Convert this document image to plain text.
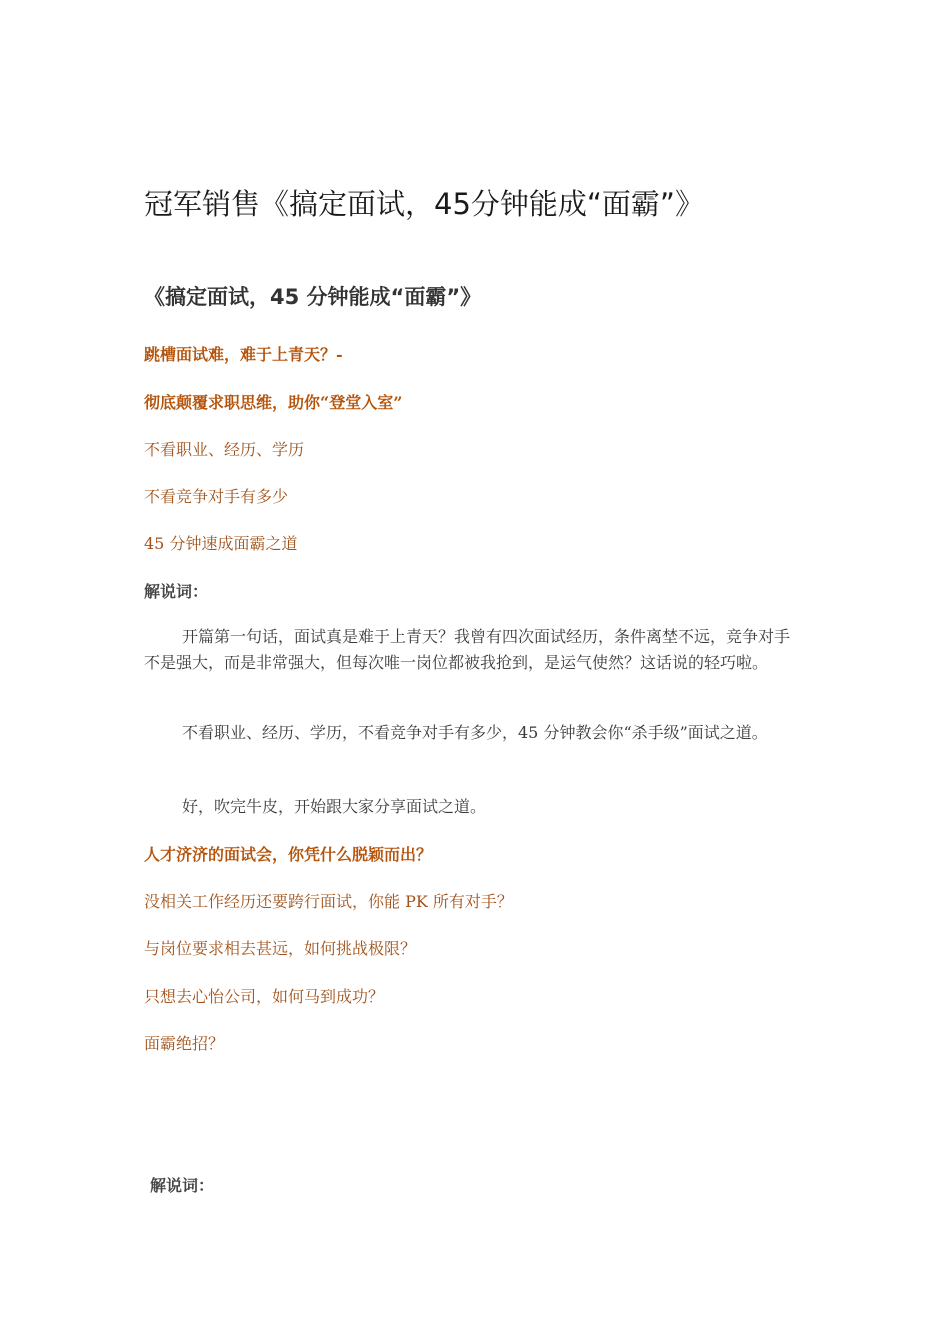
冠军销售《搞定面试，45分钟能成“面霸”》
《搞定面试，45 分钟能成“面霸”》

跳槽面试难，难于上青天？-

彻底颠覆求职思维，助你“登堂入室”

不看职业、经历、学历

不看竞争对手有多少

45 分钟速成面霸之道

解说词：

开篇第一句话，面试真是难于上青天？我曾有四次面试经历，条件离埜不远，竞争对手不是强大，而是非常强大，但每次唯一岗位都被我抢到，是运气使然？这话说的轻巧啦。

不看职业、经历、学历，不看竞争对手有多少，45 分钟教会你“杀手级”面试之道。

好，吹完牛皮，开始跟大家分享面试之道。

人才济济的面试会，你凭什么脱颖而出？

没相关工作经历还要跨行面试，你能 PK 所有对手？

与岗位要求相去甚远，如何挑战极限？

只想去心怡公司，如何马到成功？

面霸绝招？

解说词：
